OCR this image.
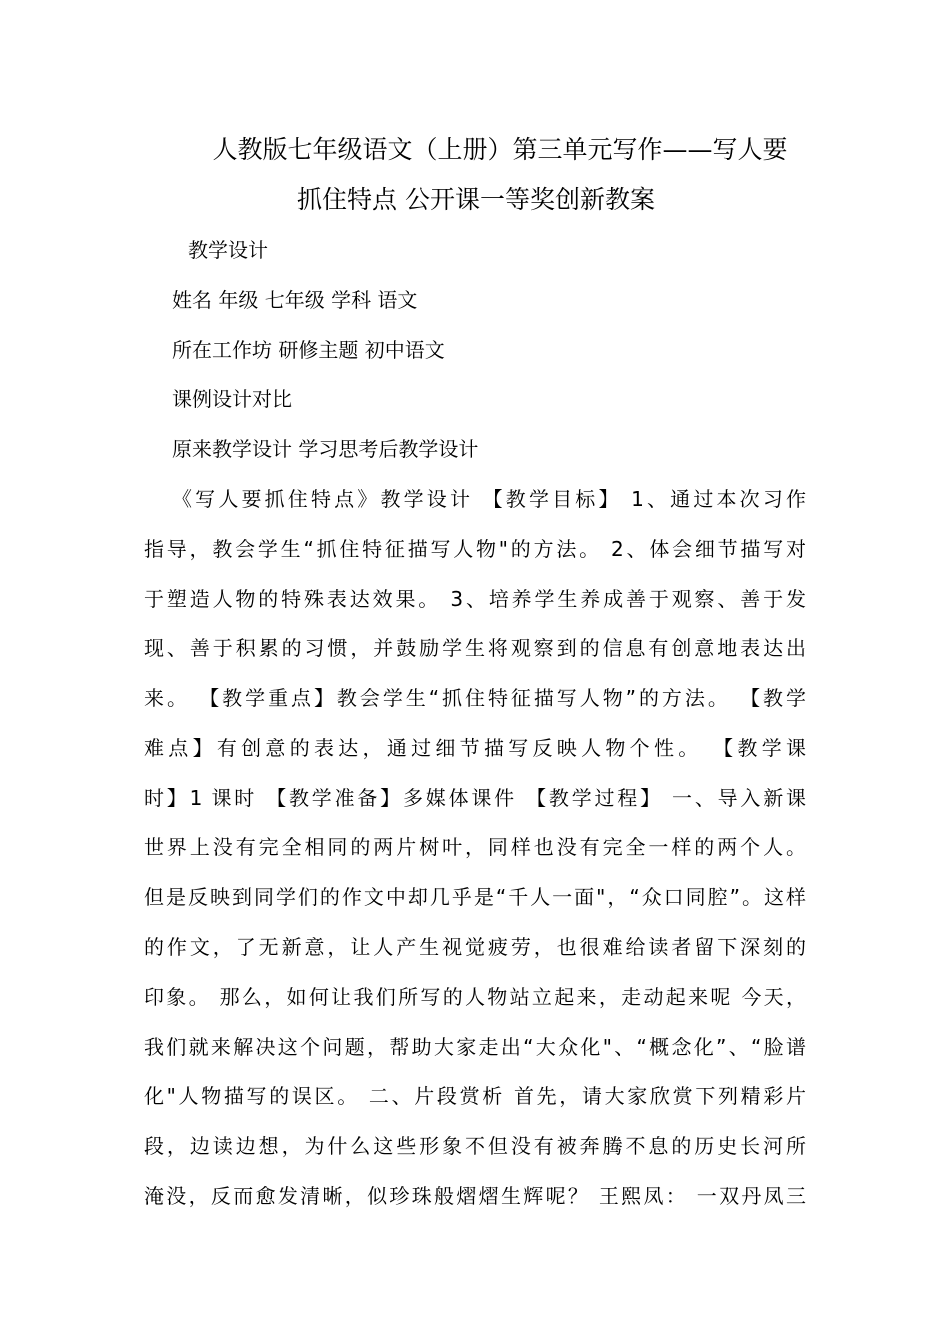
人教版七年级语文（上册）第三单元写作——写人要
抓住特点 公开课一等奖创新教案
教学设计
姓名 年级 七年级 学科 语文
所在工作坊 研修主题 初中语文
课例设计对比
原来教学设计 学习思考后教学设计
《写人要抓住特点》教学设计 【教学目标】 1、通过本次习作
指导，教会学生“抓住特征描写人物"的方法。 2、体会细节描写对
于塑造人物的特殊表达效果。 3、培养学生养成善于观察、善于发
现、善于积累的习惯，并鼓励学生将观察到的信息有创意地表达出
来。 【教学重点】教会学生“抓住特征描写人物”的方法。 【教学
难点】有创意的表达，通过细节描写反映人物个性。 【教学课
时】1 课时 【教学准备】多媒体课件 【教学过程】 一、导入新课
世界上没有完全相同的两片树叶，同样也没有完全一样的两个人。
但是反映到同学们的作文中却几乎是“千人一面"，“众口同腔”。这样
的作文，了无新意，让人产生视觉疲劳，也很难给读者留下深刻的
印象。 那么，如何让我们所写的人物站立起来，走动起来呢 今天，
我们就来解决这个问题，帮助大家走出“大众化"、“概念化”、“脸谱
化"人物描写的误区。 二、片段赏析 首先，请大家欣赏下列精彩片
段，边读边想，为什么这些形象不但没有被奔腾不息的历史长河所
淹没，反而愈发清晰，似珍珠般熠熠生辉呢？ 王熙凤： 一双丹凤三
